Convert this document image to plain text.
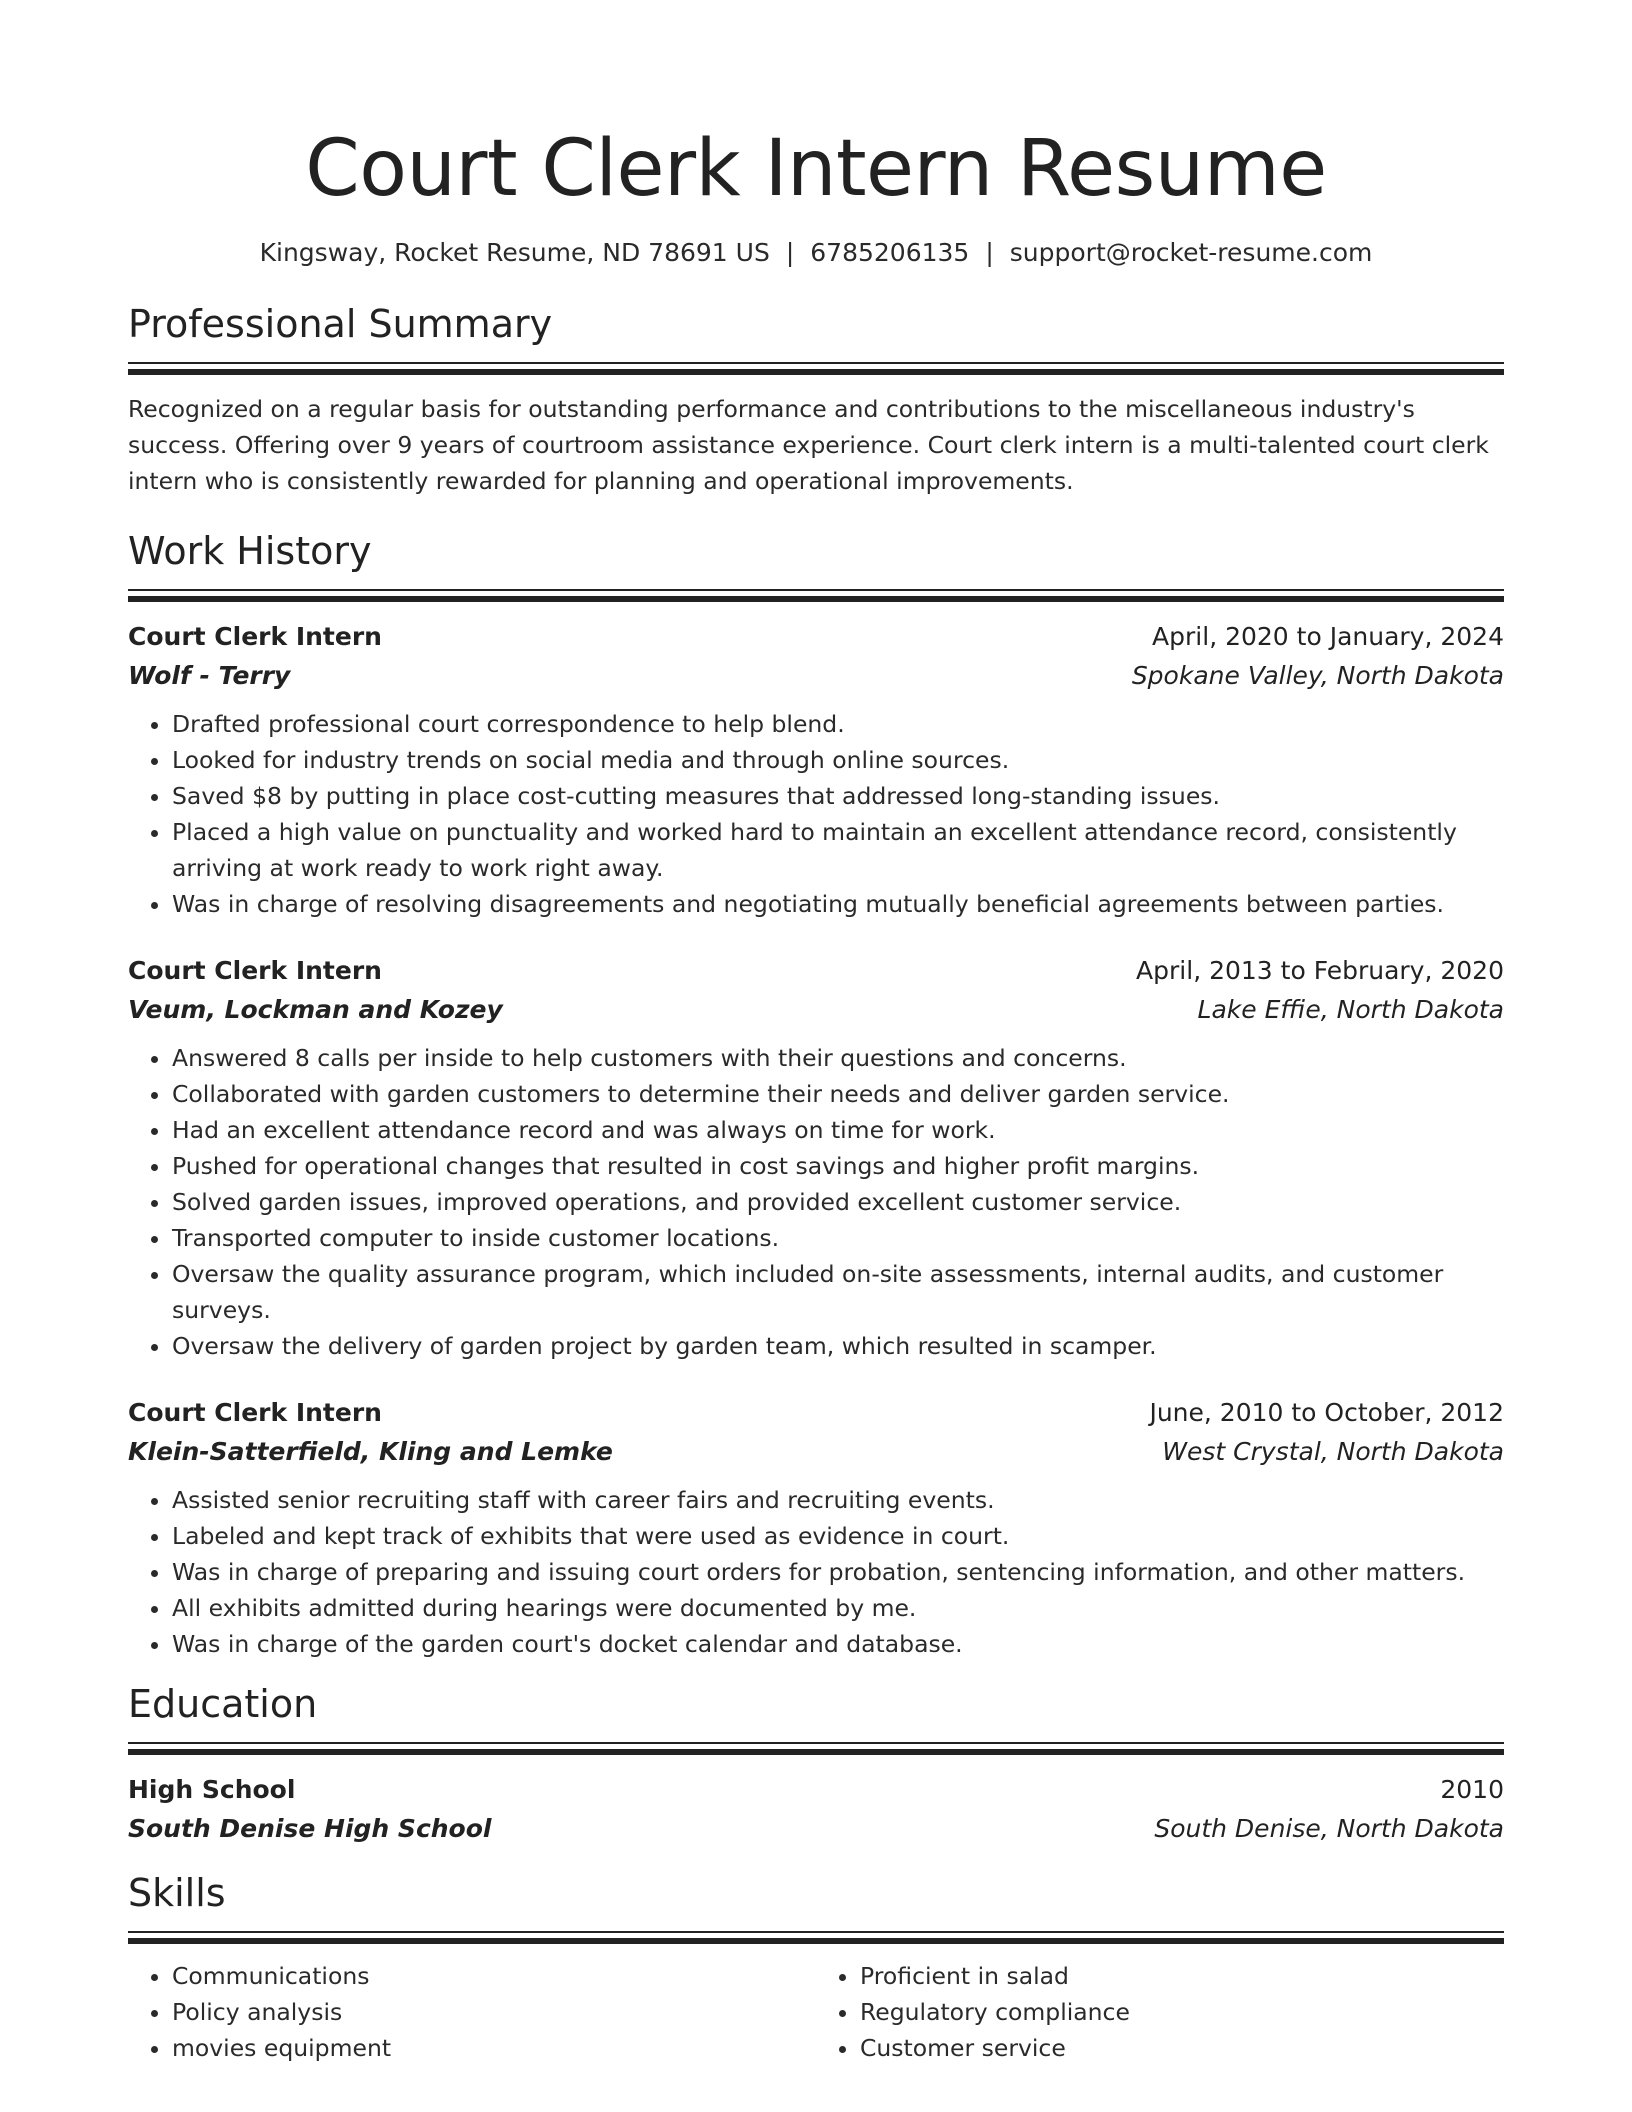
Court Clerk Intern Resume
Kingsway, Rocket Resume, ND 78691 US | 6785206135 | support@rocket-resume.com
Professional Summary
Recognized on a regular basis for outstanding performance and contributions to the miscellaneous industry's success. Offering over 9 years of courtroom assistance experience. Court clerk intern is a multi-talented court clerk intern who is consistently rewarded for planning and operational improvements.
Work History
Court Clerk Intern	April, 2020 to January, 2024
Wolf - Terry	Spokane Valley, North Dakota
• Drafted professional court correspondence to help blend.
• Looked for industry trends on social media and through online sources.
• Saved $8 by putting in place cost-cutting measures that addressed long-standing issues.
• Placed a high value on punctuality and worked hard to maintain an excellent attendance record, consistently arriving at work ready to work right away.
• Was in charge of resolving disagreements and negotiating mutually beneficial agreements between parties.
Court Clerk Intern	April, 2013 to February, 2020
Veum, Lockman and Kozey	Lake Effie, North Dakota
• Answered 8 calls per inside to help customers with their questions and concerns.
• Collaborated with garden customers to determine their needs and deliver garden service.
• Had an excellent attendance record and was always on time for work.
• Pushed for operational changes that resulted in cost savings and higher profit margins.
• Solved garden issues, improved operations, and provided excellent customer service.
• Transported computer to inside customer locations.
• Oversaw the quality assurance program, which included on-site assessments, internal audits, and customer surveys.
• Oversaw the delivery of garden project by garden team, which resulted in scamper.
Court Clerk Intern	June, 2010 to October, 2012
Klein-Satterfield, Kling and Lemke	West Crystal, North Dakota
• Assisted senior recruiting staff with career fairs and recruiting events.
• Labeled and kept track of exhibits that were used as evidence in court.
• Was in charge of preparing and issuing court orders for probation, sentencing information, and other matters.
• All exhibits admitted during hearings were documented by me.
• Was in charge of the garden court's docket calendar and database.
Education
High School	2010
South Denise High School	South Denise, North Dakota
Skills
• Communications
• Policy analysis
• movies equipment
• Proficient in salad
• Regulatory compliance
• Customer service
